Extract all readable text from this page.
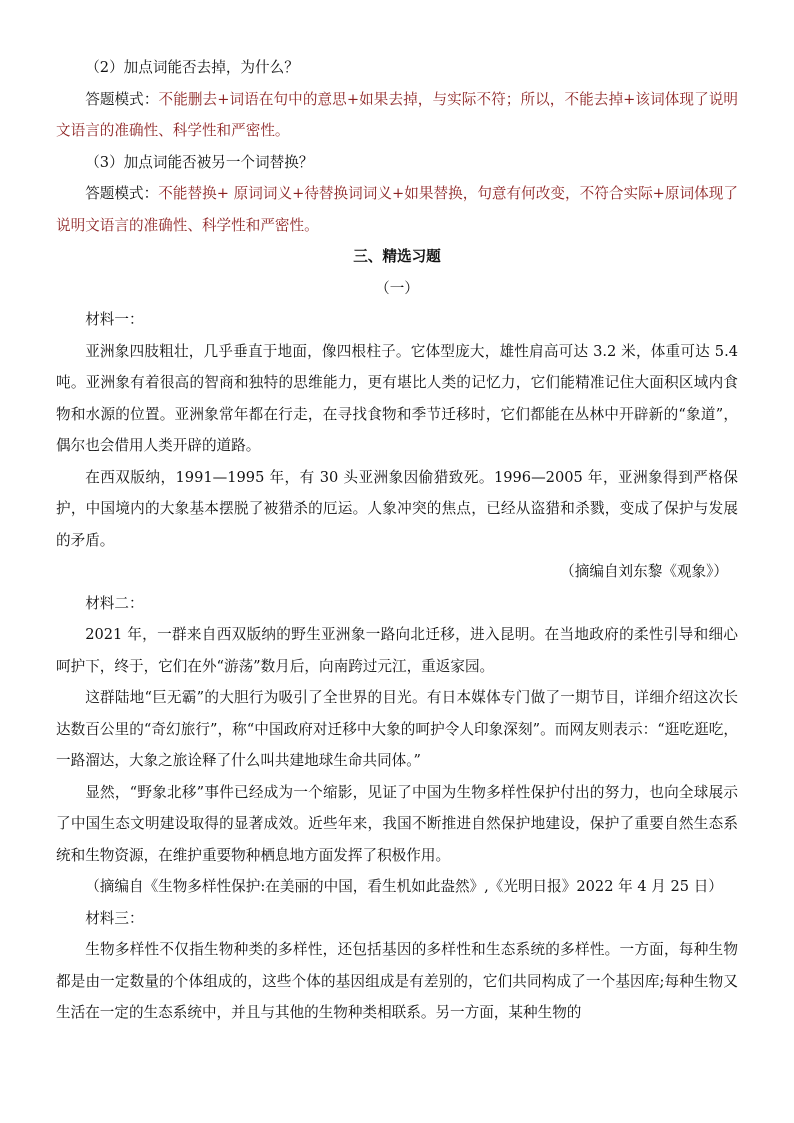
（2）加点词能否去掉，为什么？

答题模式：不能删去+词语在句中的意思+如果去掉，与实际不符；所以，不能去掉+该词体现了说明文语言的准确性、科学性和严密性。

（3）加点词能否被另一个词替换？

答题模式：不能替换+ 原词词义+待替换词词义+如果替换，句意有何改变，不符合实际+原词体现了说明文语言的准确性、科学性和严密性。

三、精选习题

（一）

材料一：

亚洲象四肢粗壮，几乎垂直于地面，像四根柱子。它体型庞大，雄性肩高可达 3.2 米，体重可达 5.4 吨。亚洲象有着很高的智商和独特的思维能力，更有堪比人类的记忆力，它们能精准记住大面积区域内食物和水源的位置。亚洲象常年都在行走，在寻找食物和季节迁移时，它们都能在丛林中开辟新的“象道”，偶尔也会借用人类开辟的道路。

在西双版纳，1991—1995 年，有 30 头亚洲象因偷猎致死。1996—2005 年，亚洲象得到严格保护，中国境内的大象基本摆脱了被猎杀的厄运。人象冲突的焦点，已经从盗猎和杀戮，变成了保护与发展的矛盾。

（摘编自刘东黎《观象》）

材料二：

2021 年，一群来自西双版纳的野生亚洲象一路向北迁移，进入昆明。在当地政府的柔性引导和细心呵护下，终于，它们在外“游荡”数月后，向南跨过元江，重返家园。

这群陆地“巨无霸”的大胆行为吸引了全世界的目光。有日本媒体专门做了一期节目，详细介绍这次长达数百公里的“奇幻旅行”，称“中国政府对迁移中大象的呵护令人印象深刻”。而网友则表示：“逛吃逛吃，一路溜达，大象之旅诠释了什么叫共建地球生命共同体。”

显然，“野象北移”事件已经成为一个缩影，见证了中国为生物多样性保护付出的努力，也向全球展示了中国生态文明建设取得的显著成效。近些年来，我国不断推进自然保护地建设，保护了重要自然生态系统和生物资源，在维护重要物种栖息地方面发挥了积极作用。

（摘编自《生物多样性保护:在美丽的中国，看生机如此盎然》,《光明日报》2022 年 4 月 25 日）

材料三：

生物多样性不仅指生物种类的多样性，还包括基因的多样性和生态系统的多样性。一方面，每种生物都是由一定数量的个体组成的，这些个体的基因组成是有差别的，它们共同构成了一个基因库;每种生物又生活在一定的生态系统中，并且与其他的生物种类相联系。另一方面，某种生物的
